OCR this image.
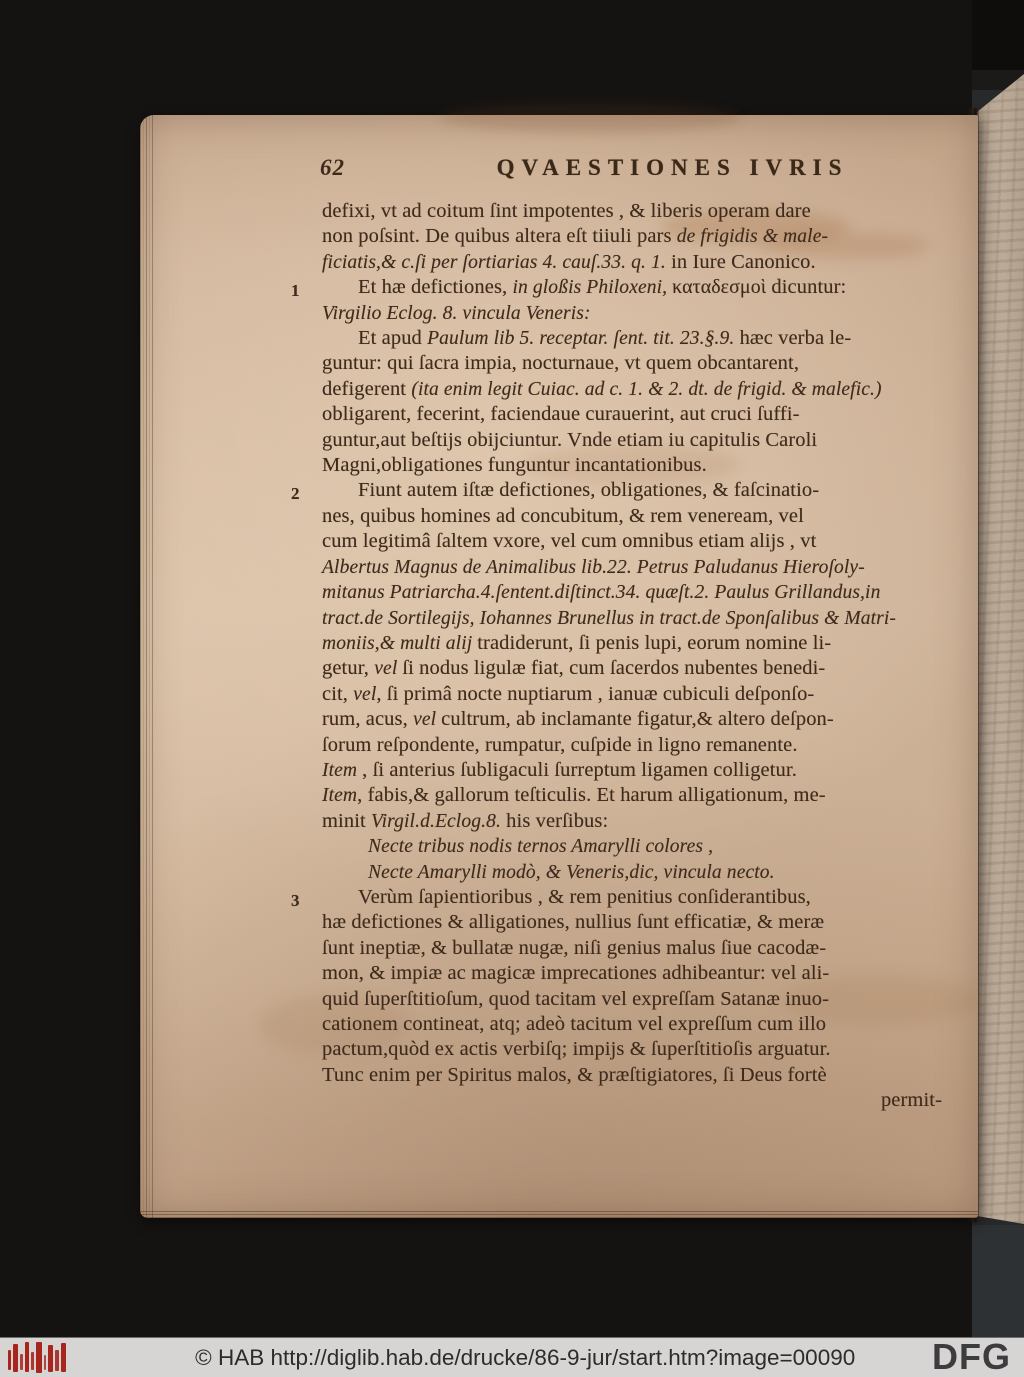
62	QVAESTIONES IVRIS
defixi, vt ad coitum ſint impotentes , & liberis operam dare
non poſsint. De quibus altera eſt tiiuli pars de frigidis & male-
ficiatis,& c.ſi per ſortiarias 4. cauſ.33. q. 1. in Iure Canonico.
1	Et hæ defictiones, in gloßis Philoxeni, καταδεσμοὶ dicuntur:
Virgilio Eclog. 8. vincula Veneris:
Et apud Paulum lib 5. receptar. ſent. tit. 23.§.9. hæc verba le-
guntur: qui ſacra impia, nocturnaue, vt quem obcantarent,
defigerent (ita enim legit Cuiac. ad c. 1. & 2. dt. de frigid. & malefic.)
obligarent, fecerint, faciendaue curauerint, aut cruci ſuffi-
guntur,aut beſtijs obijciuntur. Vnde etiam iu capitulis Caroli
Magni,obligationes funguntur incantationibus.
2	Fiunt autem iſtæ defictiones, obligationes, & faſcinatio-
nes, quibus homines ad concubitum, & rem veneream, vel
cum legitimâ ſaltem vxore, vel cum omnibus etiam alijs , vt
Albertus Magnus de Animalibus lib.22. Petrus Paludanus Hieroſoly-
mitanus Patriarcha.4.ſentent.diſtinct.34. quæſt.2. Paulus Grillandus,in
tract.de Sortilegijs, Iohannes Brunellus in tract.de Sponſalibus & Matri-
moniis,& multi alij tradiderunt, ſi penis lupi, eorum nomine li-
getur, vel ſi nodus ligulæ fiat, cum ſacerdos nubentes benedi-
cit, vel, ſi primâ nocte nuptiarum , ianuæ cubiculi deſponſo-
rum, acus, vel cultrum, ab inclamante figatur,& altero deſpon-
ſorum reſpondente, rumpatur, cuſpide in ligno remanente.
Item , ſi anterius ſubligaculi ſurreptum ligamen colligetur.
Item, fabis,& gallorum teſticulis. Et harum alligationum, me-
minit Virgil.d.Eclog.8. his verſibus:
Necte tribus nodis ternos Amarylli colores ,
Necte Amarylli modò, & Veneris,dic, vincula necto.
3	Verùm ſapientioribus , & rem penitius conſiderantibus,
hæ defictiones & alligationes, nullius ſunt efficatiæ, & meræ
ſunt ineptiæ, & bullatæ nugæ, niſi genius malus ſiue cacodæ-
mon, & impiæ ac magicæ imprecationes adhibeantur: vel ali-
quid ſuperſtitioſum, quod tacitam vel expreſſam Satanæ inuo-
cationem contineat, atq; adeò tacitum vel expreſſum cum illo
pactum,quòd ex actis verbiſq; impijs & ſuperſtitioſis arguatur.
Tunc enim per Spiritus malos, & præſtigiatores, ſi Deus fortè
permit-
© HAB http://diglib.hab.de/drucke/86-9-jur/start.htm?image=00090 DFG
